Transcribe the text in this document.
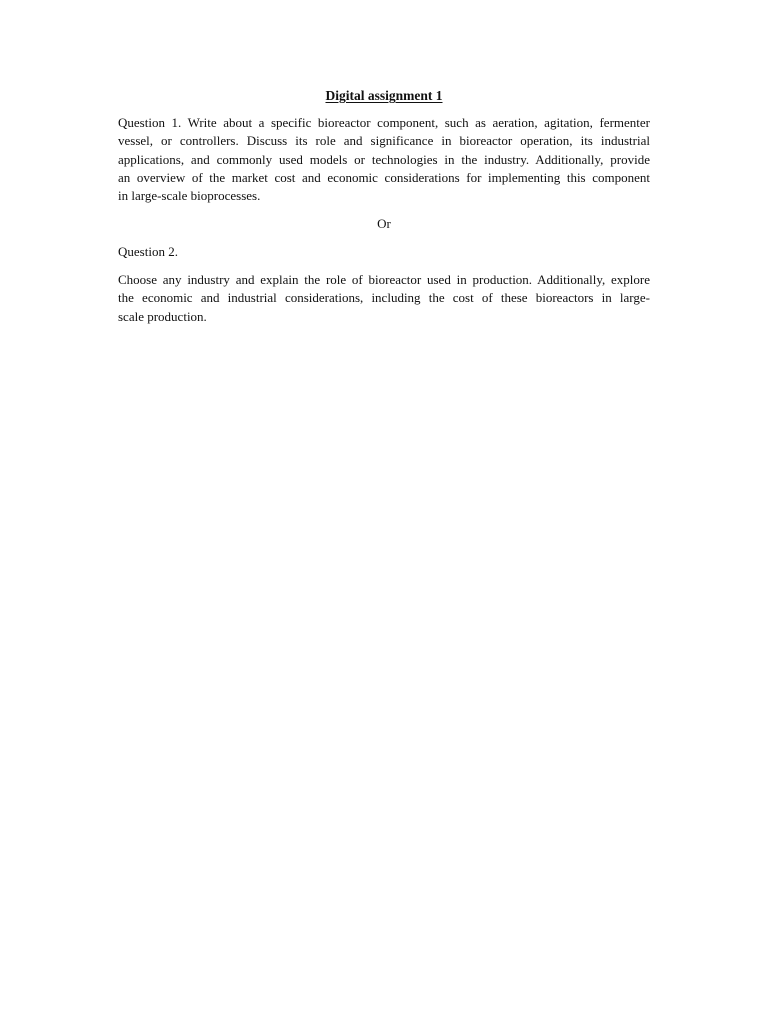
Digital assignment 1
Question 1. Write about a specific bioreactor component, such as aeration, agitation, fermenter
vessel, or controllers. Discuss its role and significance in bioreactor operation, its industrial
applications, and commonly used models or technologies in the industry. Additionally, provide
an overview of the market cost and economic considerations for implementing this component
in large-scale bioprocesses.
Or
Question 2.
Choose any industry and explain the role of bioreactor used in production. Additionally, explore
the economic and industrial considerations, including the cost of these bioreactors in large-
scale production.
